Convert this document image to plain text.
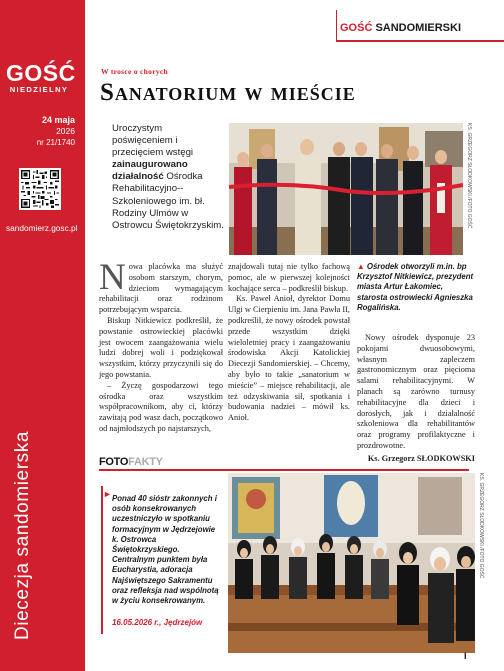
GOŚĆ
NIEDZIELNY
24 maja
2026
nr 21/1740
sandomierz.gosc.pl
Diecezja sandomierska
GOŚĆ SANDOMIERSKI
W trosce o chorych
Sanatorium w mieście

Uroczystym poświęceniem i przecięciem wstęgi zainaugurowano działalność Ośrodka Rehabilitacyjno--Szkoleniowego im. bł. Rodziny Ulmów w Ostrowcu Świętokrzyskim.	KS. GRZEGORZ SŁODKOWSKI /FOTO GOŚĆ

Nowa placówka ma służyć osobom starszym, chorym, dzieciom wymagającym rehabilitacji oraz rodzinom potrzebującym wsparcia.

Biskup Nitkiewicz podkreślił, że powstanie ostrowieckiej placówki jest owocem zaangażowania wielu ludzi dobrej woli i podziękował wszystkim, którzy przyczynili się do jego powstania.

– Życzę gospodarzowi tego ośrodka oraz wszystkim współpracownikom, aby ci, którzy zawitają pod wasz dach, początkowo od najmłodszych po najstarszych,

znajdowali tutaj nie tylko fachową pomoc, ale w pierwszej kolejności kochające serca – podkreślił biskup.

Ks. Paweł Anioł, dyrektor Domu Ulgi w Cierpieniu im. Jana Pawła II, podkreślił, że nowy ośrodek powstał przede wszystkim dzięki wieloletniej pracy i zaangażowaniu środowiska Akcji Katolickiej Diecezji Sandomierskiej. – Chcemy, aby było to takie „sanatorium w mieście” – miejsce rehabilitacji, ale też odzyskiwania sił, spotkania i budowania nadziei – mówił ks. Anioł.

▲ Ośrodek otworzyli m.in. bp Krzysztof Nitkiewicz, prezydent miasta Artur Łakomiec, starosta ostrowiecki Agnieszka Rogalińska.

Nowy ośrodek dysponuje 23 pokojami dwuosobowymi, własnym zapleczem gastronomicznym oraz pięcioma salami rehabilitacyjnymi. W planach są zarówno turnusy rehabilitacyjne dla dzieci i dorosłych, jak i działalność szkoleniowa dla rehabilitantów oraz programy profilaktyczne i prozdrowotne.

Ks. Grzegorz SŁODKOWSKI

FOTOFAKTY
► Ponad 40 sióstr zakonnych i osób konsekrowanych uczestniczyło w spotkaniu formacyjnym w Jędrzejowie k. Ostrowca Świętokrzyskiego. Centralnym punktem była Eucharystia, adoracja Najświętszego Sakramentu oraz refleksja nad wspólnotą w życiu konsekrowanym.

16.05.2026 r., Jędrzejów
KS. GRZEGORZ SŁODKOWSKI /FOTO GOŚĆ
I
